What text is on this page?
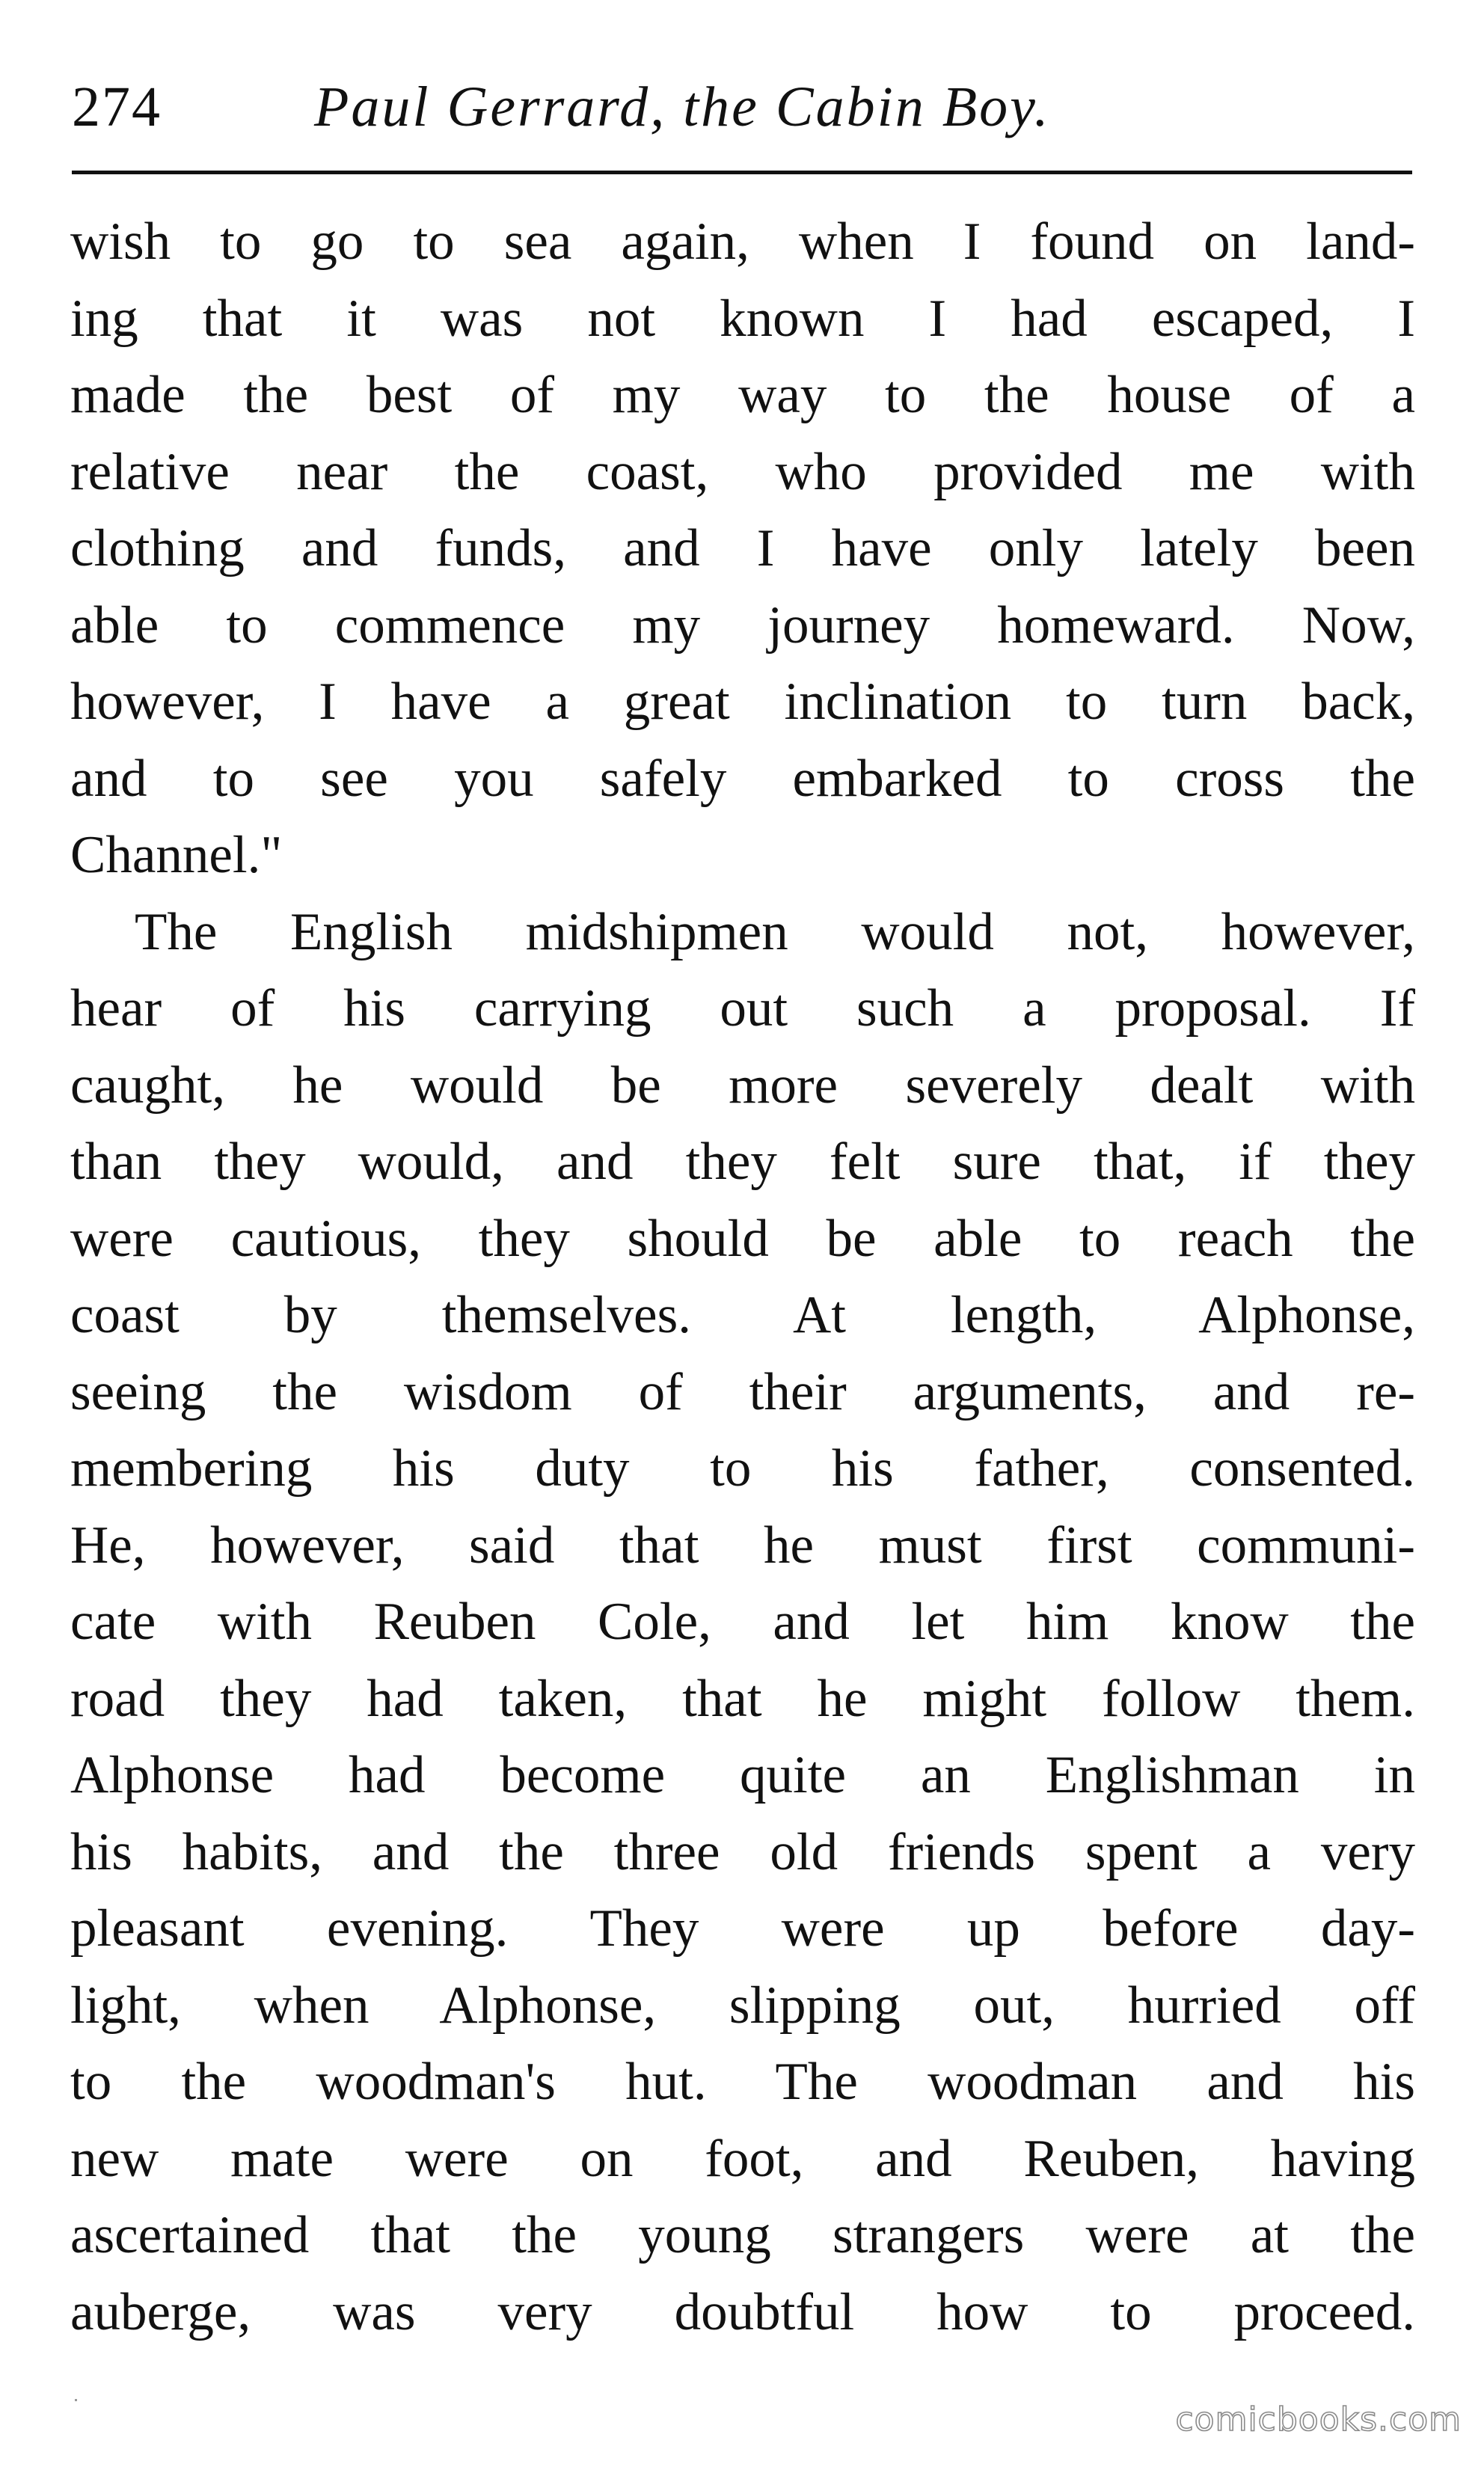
274	Paul Gerrard, the Cabin Boy.
wish to go to sea again, when I found on land-
ing that it was not known I had escaped, I
made the best of my way to the house of a
relative near the coast, who provided me with
clothing and funds, and I have only lately been
able to commence my journey homeward. Now,
however, I have a great inclination to turn back,
and to see you safely embarked to cross the
Channel."
The English midshipmen would not, however,
hear of his carrying out such a proposal. If
caught, he would be more severely dealt with
than they would, and they felt sure that, if they
were cautious, they should be able to reach the
coast by themselves. At length, Alphonse,
seeing the wisdom of their arguments, and re-
membering his duty to his father, consented.
He, however, said that he must first communi-
cate with Reuben Cole, and let him know the
road they had taken, that he might follow them.
Alphonse had become quite an Englishman in
his habits, and the three old friends spent a very
pleasant evening. They were up before day-
light, when Alphonse, slipping out, hurried off
to the woodman's hut. The woodman and his
new mate were on foot, and Reuben, having
ascertained that the young strangers were at the
auberge, was very doubtful how to proceed.
comicbooks.com
